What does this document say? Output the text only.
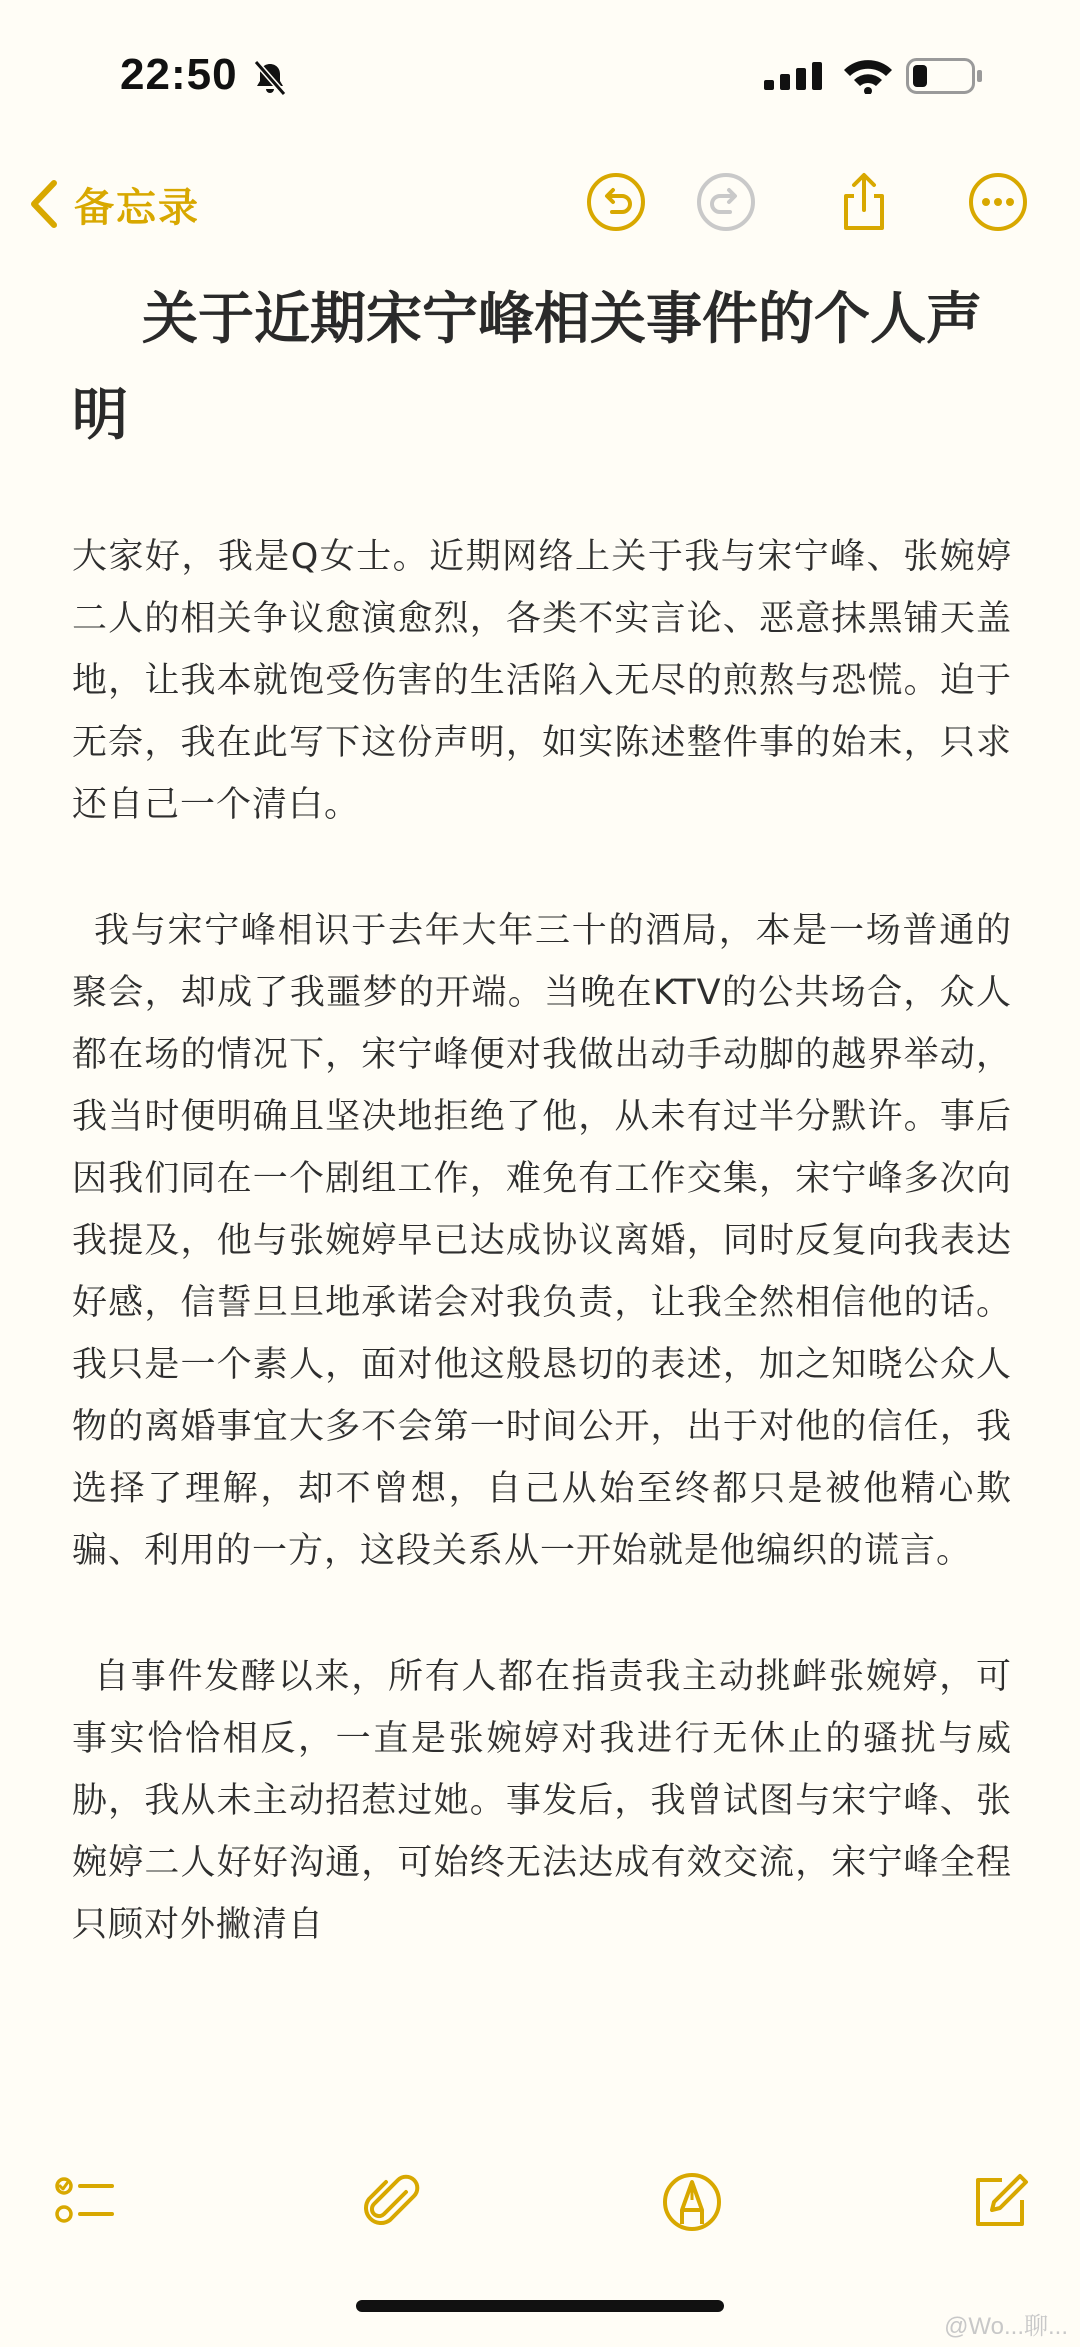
22:50
备忘录
关于近期宋宁峰相关事件的个人声明

大家好，我是Q女士。近期网络上关于我与宋宁峰、张婉婷二人的相关争议愈演愈烈，各类不实言论、恶意抹黑铺天盖地，让我本就饱受伤害的生活陷入无尽的煎熬与恐慌。迫于无奈，我在此写下这份声明，如实陈述整件事的始末，只求还自己一个清白。

我与宋宁峰相识于去年大年三十的酒局，本是一场普通的聚会，却成了我噩梦的开端。当晚在KTV的公共场合，众人都在场的情况下，宋宁峰便对我做出动手动脚的越界举动，我当时便明确且坚决地拒绝了他，从未有过半分默许。事后因我们同在一个剧组工作，难免有工作交集，宋宁峰多次向我提及，他与张婉婷早已达成协议离婚，同时反复向我表达好感，信誓旦旦地承诺会对我负责，让我全然相信他的话。我只是一个素人，面对他这般恳切的表述，加之知晓公众人物的离婚事宜大多不会第一时间公开，出于对他的信任，我选择了理解，却不曾想，自己从始至终都只是被他精心欺骗、利用的一方，这段关系从一开始就是他编织的谎言。

自事件发酵以来，所有人都在指责我主动挑衅张婉婷，可事实恰恰相反，一直是张婉婷对我进行无休止的骚扰与威胁，我从未主动招惹过她。事发后，我曾试图与宋宁峰、张婉婷二人好好沟通，可始终无法达成有效交流，宋宁峰全程只顾对外撇清自

@Wo...聊...
